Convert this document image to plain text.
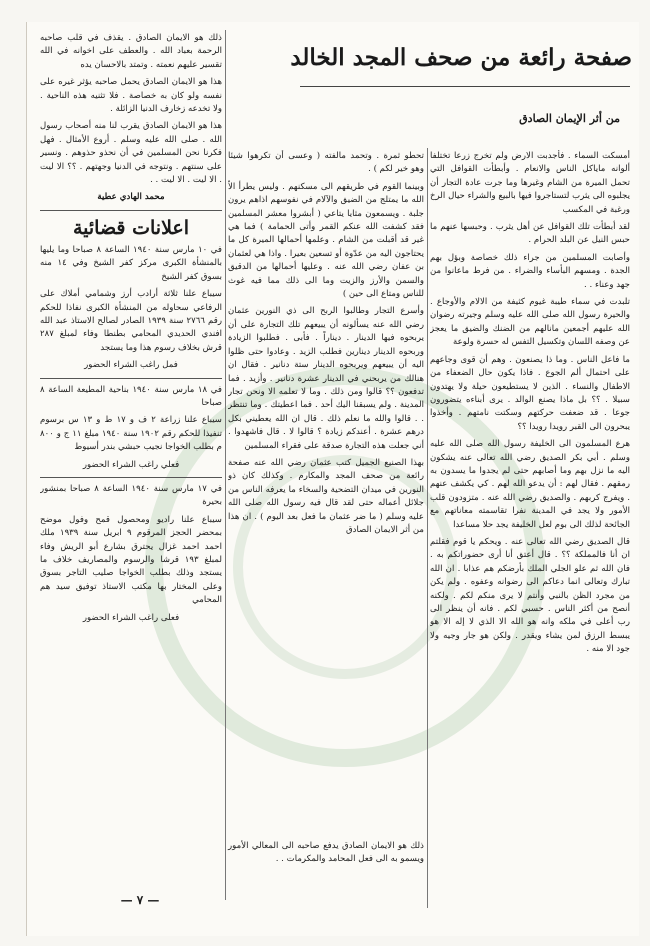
صفحة رائعة من صحف المجد الخالد
من أثر الإيمان الصادق

أمسكت السماء . فأجدبت الارض ولم تخرج زرعا تختلفا ألوانه ماياكل الناس والانعام . وأبطأت القوافل التي تحمل الميرة من الشام وغيرها وما جرت عادة التجار أن يجلبوه الى يثرب لتستاجروا فيها بالبيع والشراء حيال الرخ ورغبة في المكسب

لقد أبطأت تلك القوافل عن أهل يثرب . وحبسها عنهم ما حبس النيل عن البلد الحرام .

وأصابت المسلمين من جراء ذلك خصاصة وبؤل بهم الجدة . ومسهم البأساء والضراء . من فرط ماعانوا من جهد وعناء . .

تلبدت في سماء طيبة غيوم كثيفة من الالام والأوجاع . والحيرة رسول الله صلى الله عليه وسلم وجيرته رضوان الله عليهم أجمعين مانالهم من الضنك والضيق ما يعجز عن وصفه اللسان وتكسيل التفس له حسرة ولوعة

ما فاعل الناس . وما ذا يصنعون . وهم أن قوى وجاعهم على احتمال ألم الجوع . فاذا يكون حال الضعفاء من الاطفال والنساء . الذين لا يستطيعون حيلة ولا يهتدون سبيلا . ؟؟ بل ماذا يصنع الوالد . يرى أبناءه يتضورون جوعا . قد ضعفت حركتهم وسكتت نامتهم . وأخذوا يبحرون الى القبر رويدا رويدا ؟؟

هرع المسلمون الى الخليفة رسول الله صلى الله عليه وسلم . أبي بكر الصديق رضي الله تعالى عنه يشكون اليه ما نزل بهم وما أصابهم حتى لم يجدوا ما يسدون به رمقهم . فقال لهم : أن يدعو الله لهم . كي يكشف عنهم . ويفرج كربهم . والصديق رضي الله عنه . متزودون قلب الأمور ولا يجد في المدينة نفرا تقاسمته معاناتهم مع الجائحة لذلك الى بوم لعل الخليفة يجد حلا مساعدا

قال الصديق رضي الله تعالى عنه . ويحكم يا قوم فقلتم ان أنا فالمملكة ؟؟ . قال أعتق أنا أرى حضوراتكم به . فان الله ثم علو الجلي الملك بأرضكم هم عذابا . ان الله تبارك وتعالى انما دعاكم الى رضوانه وعفوه . ولم يكن من مجرد الظن بالنبي وأنتم لا يرى منكم لكم . ولكنه أنصح من أكثر الناس . حسبي لكم . فانه أن ينظر الى رب أعلى في ملكه وانه هو الله الا الذي لا إله الا هو يبسط الرزق لمن يشاء ويقدر . ولكن هو جار وجيه ولا جود الا منه .

تحطو ثمرة . وتحمد مالفته ( وعسى أن تكرهوا شيئا وهو خير لكم ) .

وبينما القوم في طريقهم الى مسكنهم . وليس يطرأ الاّ الله ما يمتلج من الضيق والآلام في نفوسهم اذاهم يرون جلبة . ويسمعون مثايا يتاعي ( أبشروا معشر المسلمين فقد كشفت الله عنكم القمر وأتى الحمامة ) فما هي غير قد أقبلت من الشام . وعلمها أحمالها الميرة كل ما يحتاجون اليه من عدّوة أو تسعين بعيرا . واذا هي لعثمان بن عفان رضي الله عنه . وعليها أحمالها من الدقيق والسمن والأرز والزيت وما الى ذلك مما فيه غوث للناس ومتاع الى حين )

وأسرع التجار وطالبوا الربح الى ذي النورين عثمان رضي الله عنه يسألونه أن يبيعهم تلك التجارة على أن يربحوه فيها الدينار . ديناراً . فأبى . فطلبوا الزيادة وربحوه الدينار دينارين فطلب الزيد . وعادوا حتى ظلوا اليه أن يبيعهم ويربحوه الدينار ستة دنانير . فقال ان هنالك من يربحني في الدينار عشرة دنانير . وأزيد . فما تدفعون ؟؟ قالوا ومن ذلك . وما لا تعلمه الا ونحن تجار المدينة . ولم يسبقنا اليك أحد . فما اعطيتك . وما تنتظر . . قالوا والله ما نعلم ذلك . قال ان الله يعطيني بكل درهم عشرة . أعندكم زيادة ؟ قالوا لا . قال فاشهدوا . أني جعلت هذه التجارة صدقة على فقراء المسلمين

بهذا الصنيع الجميل كتب عثمان رضي الله عنه صفحة رائعة من صحف المجد والمكارم . وكذلك كان ذو النورين في ميدان التضحية والسخاء ما يعرفه الناس من جلائل أعماله حتى لقد قال فيه رسول الله صلى الله عليه وسلم ( ما ضر عثمان ما فعل بعد اليوم ) . ان هذا من أثر الايمان الصادق

ذلك هو الايمان الصادق يدفع صاحبه الى المعالي الأمور ويسمو به الى فعل المحامد والمكرمات . .

ذلك هو الايمان الصادق . يقذف في قلب صاحبه الرحمة بعباد الله . والعطف على اخوانه في الله تقسير عليهم نعمته . وتمتد بالاحسان يده

هذا هو الايمان الصادق يحمل صاحبه يؤثر غيره على نفسه ولو كان به خصاصة . فلا تثنيه هذه الناحية . ولا تخدعه زخارف الدنيا الزائلة .

هذا هو الايمان الصادق يقرب لنا منه أصحاب رسول الله . صلى الله عليه وسلم . أروع الأمثال . فهل فكرنا نحن المسلمين في أن نحذو حذوهم . ونسير على سنتهم . ونتوجه في الدنيا وجهتهم . ؟؟ الا ليت . الا ليت . الا ليت . .

محمد الهادي عطية

اعلانات قضائية

في ١٠ مارس سنة ١٩٤٠ الساعة ٨ صباحا وما يليها بالمنشأة الكبرى مركز كفر الشيخ وفي ١٤ منه بسوق كفر الشيخ

سيباع علنا ثلاثة أرادب أرز وشمامي أملاك على الرفاعي سحاوله من المنشأة الكبرى نفاذا للحكم رقم ٢٧٦٦ سنة ١٩٣٩ الصادر لصالح الاستاذ عبد الله افندي الحديدي المحامي بطنطا وفاء لمبلغ ٢٨٧ قرش بخلاف رسوم هذا وما يستجد

فمل راغب الشراء الحضور

في ١٨ مارس سنة ١٩٤٠ بناحية المطيعة الساعة ٨ صباحا

سيباع علنا زراعة ٢ ف و ١٧ ط و ١٣ س برسوم تنفيذا للحكم رقم ١٩٠٢ سنة ١٩٤٠ مبلغ ١١ ج و ٨٠٠ م بطلب الخواجا نجيب حبشي بندر أسيوط

فعلي راغب الشراء الحضور

في ١٧ مارس سنة ١٩٤٠ الساعة ٨ صباحا بمنشور بحيرة

سيباع علنا راديو ومحصول قمح وفول موضح بمحضر الحجز المرقوم ٩ ابريل سنة ١٩٣٩ ملك احمد احمد غزال يحترق بشارع أبو الريش وفاء لمبلغ ١٩٣ قرشا والرسوم والمصاريف خلاف ما يستجد وذلك بطلب الخواجا صليب التاجر بسوق وعلى المختار بها مكتب الاستاذ توفيق سيد هم المحامي

فعلى راغب الشراء الحضور

— ٧ —
